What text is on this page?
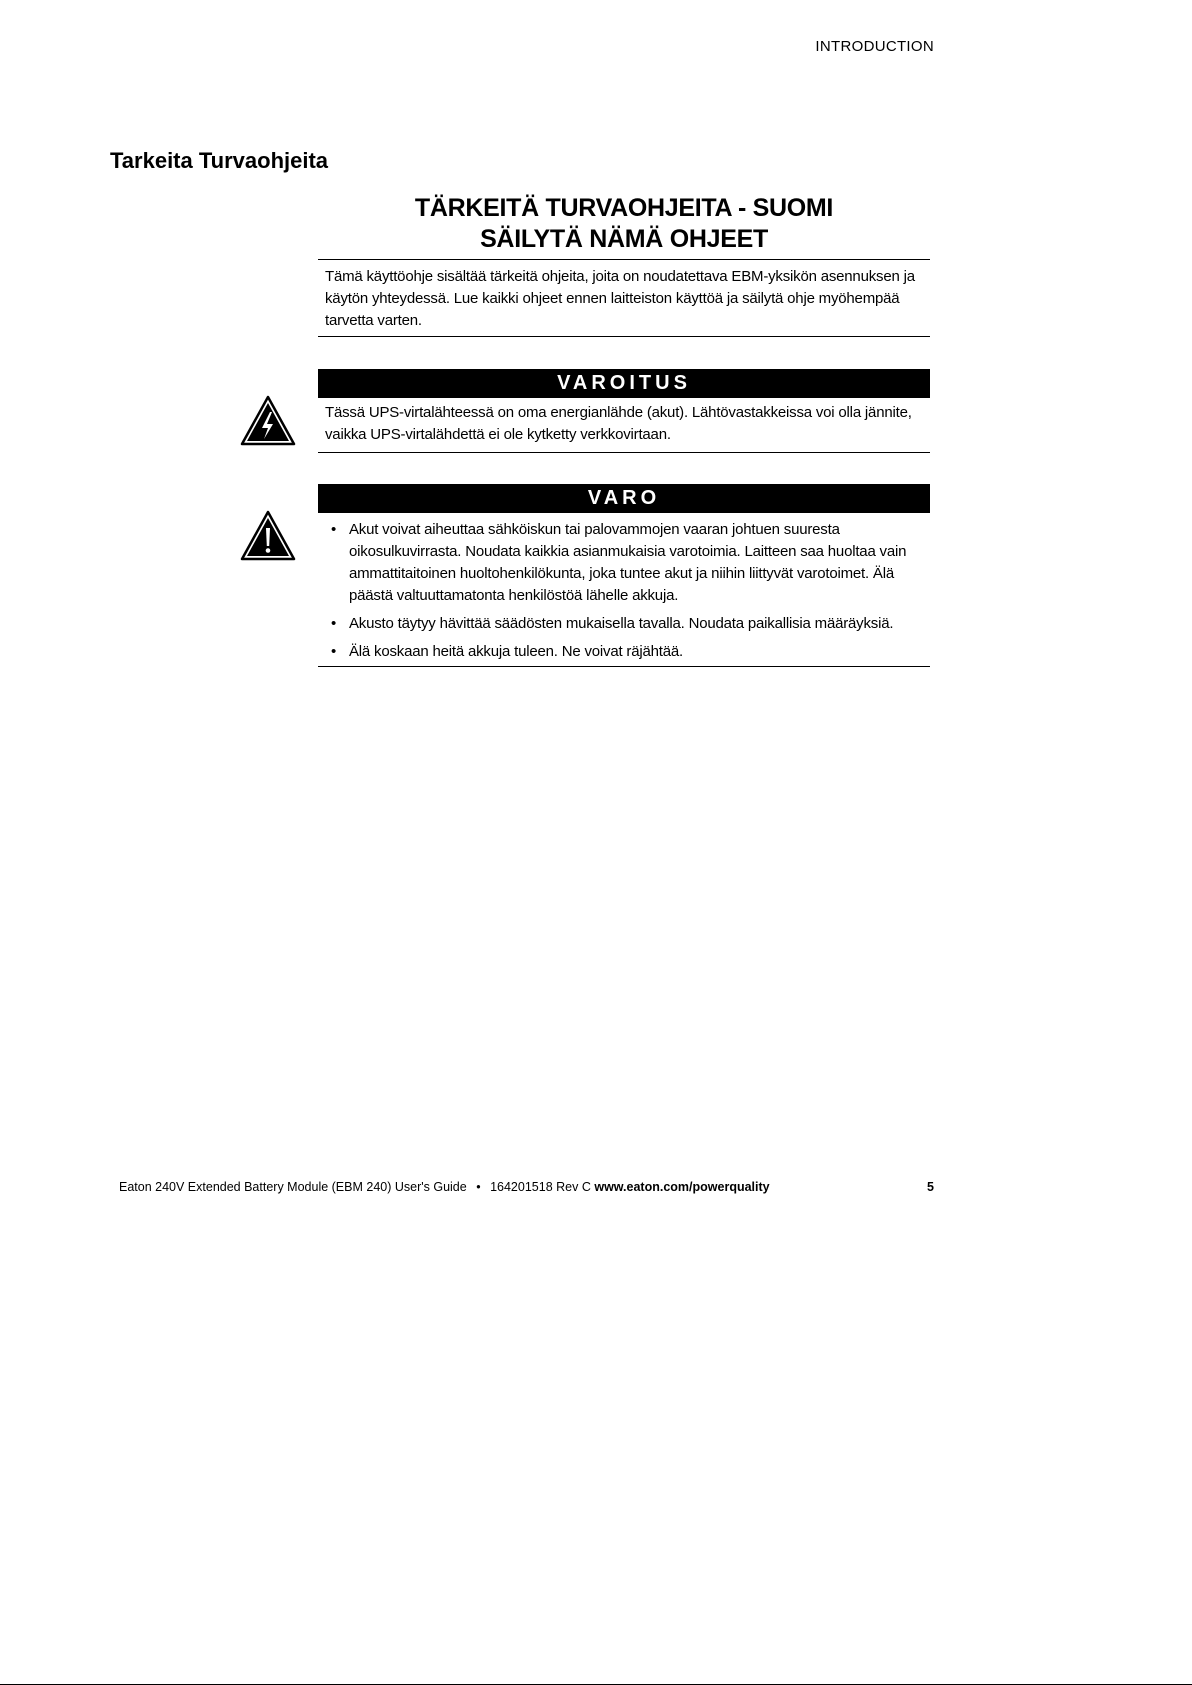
INTRODUCTION
Tarkeita Turvaohjeita
TÄRKEITÄ TURVAOHJEITA - SUOMI
SÄILYTÄ NÄMÄ OHJEET

Tämä käyttöohje sisältää tärkeitä ohjeita, joita on noudatettava EBM-yksikön asennuksen ja käytön yhteydessä. Lue kaikki ohjeet ennen laitteiston käyttöä ja säilytä ohje myöhempää tarvetta varten.

VAROITUS

Tässä UPS-virtalähteessä on oma energianlähde (akut). Lähtövastakkeissa voi olla jännite, vaikka UPS-virtalähdettä ei ole kytketty verkkovirtaan.

VARO
• Akut voivat aiheuttaa sähköiskun tai palovammojen vaaran johtuen suuresta oikosulkuvirrasta. Noudata kaikkia asianmukaisia varotoimia. Laitteen saa huoltaa vain ammattitaitoinen huoltohenkilökunta, joka tuntee akut ja niihin liittyvät varotoimet. Älä päästä valtuuttamatonta henkilöstöä lähelle akkuja.
• Akusto täytyy hävittää säädösten mukaisella tavalla. Noudata paikallisia määräyksiä.
• Älä koskaan heitä akkuja tuleen. Ne voivat räjähtää.
Eaton 240V Extended Battery Module (EBM 240) User's Guide • 164201518 Rev C www.eaton.com/powerquality	5
